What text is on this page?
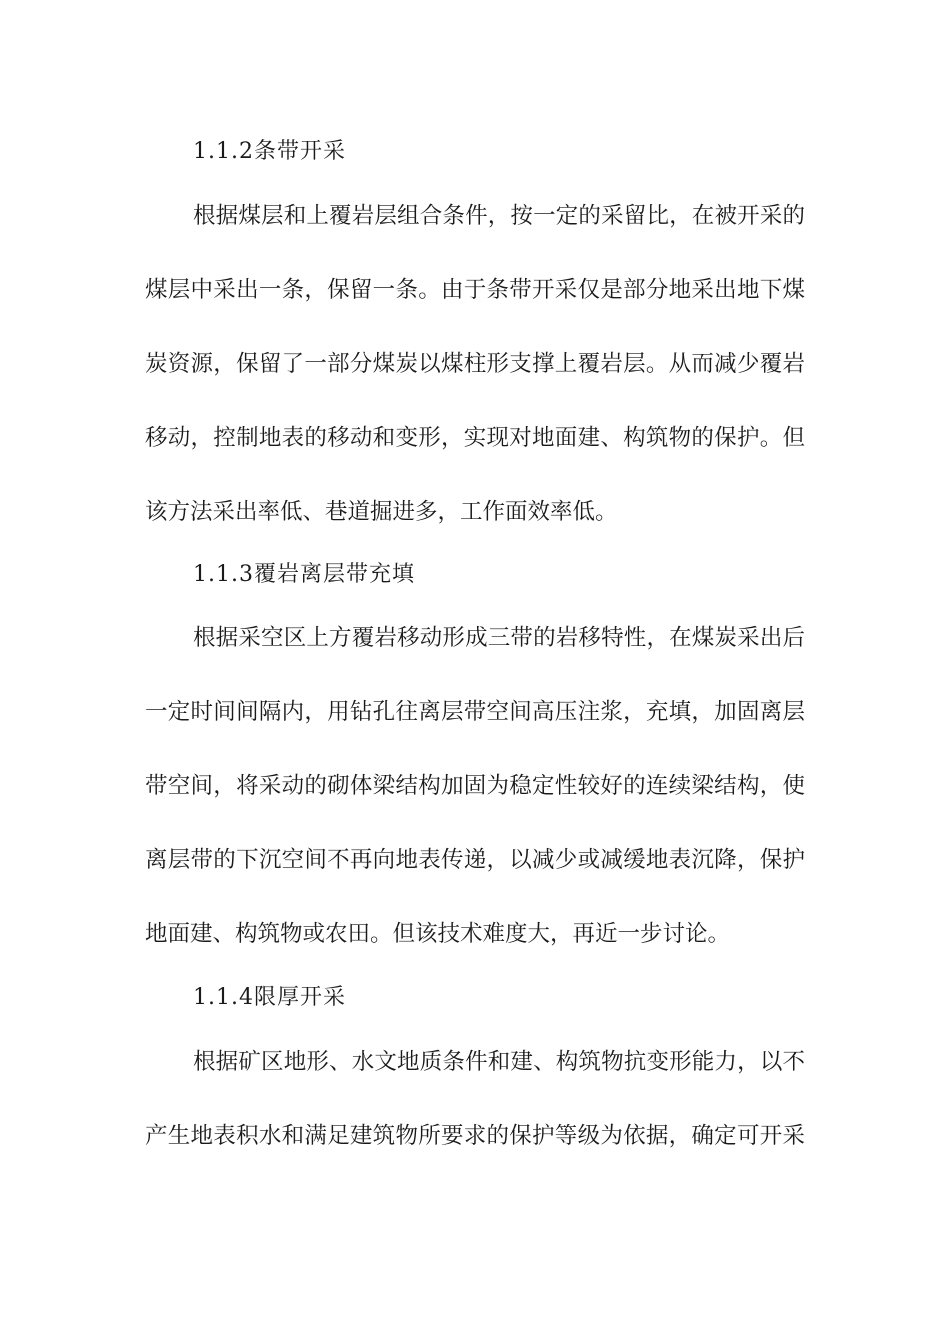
1.1.2条带开采
根据煤层和上覆岩层组合条件，按一定的采留比，在被开采的
煤层中采出一条，保留一条。由于条带开采仅是部分地采出地下煤
炭资源，保留了一部分煤炭以煤柱形支撑上覆岩层。从而减少覆岩
移动，控制地表的移动和变形，实现对地面建、构筑物的保护。但
该方法采出率低、巷道掘进多，工作面效率低。
1.1.3覆岩离层带充填
根据采空区上方覆岩移动形成三带的岩移特性，在煤炭采出后
一定时间间隔内，用钻孔往离层带空间高压注浆，充填，加固离层
带空间，将采动的砌体梁结构加固为稳定性较好的连续梁结构，使
离层带的下沉空间不再向地表传递，以减少或减缓地表沉降，保护
地面建、构筑物或农田。但该技术难度大，再近一步讨论。
1.1.4限厚开采
根据矿区地形、水文地质条件和建、构筑物抗变形能力，以不
产生地表积水和满足建筑物所要求的保护等级为依据，确定可开采
